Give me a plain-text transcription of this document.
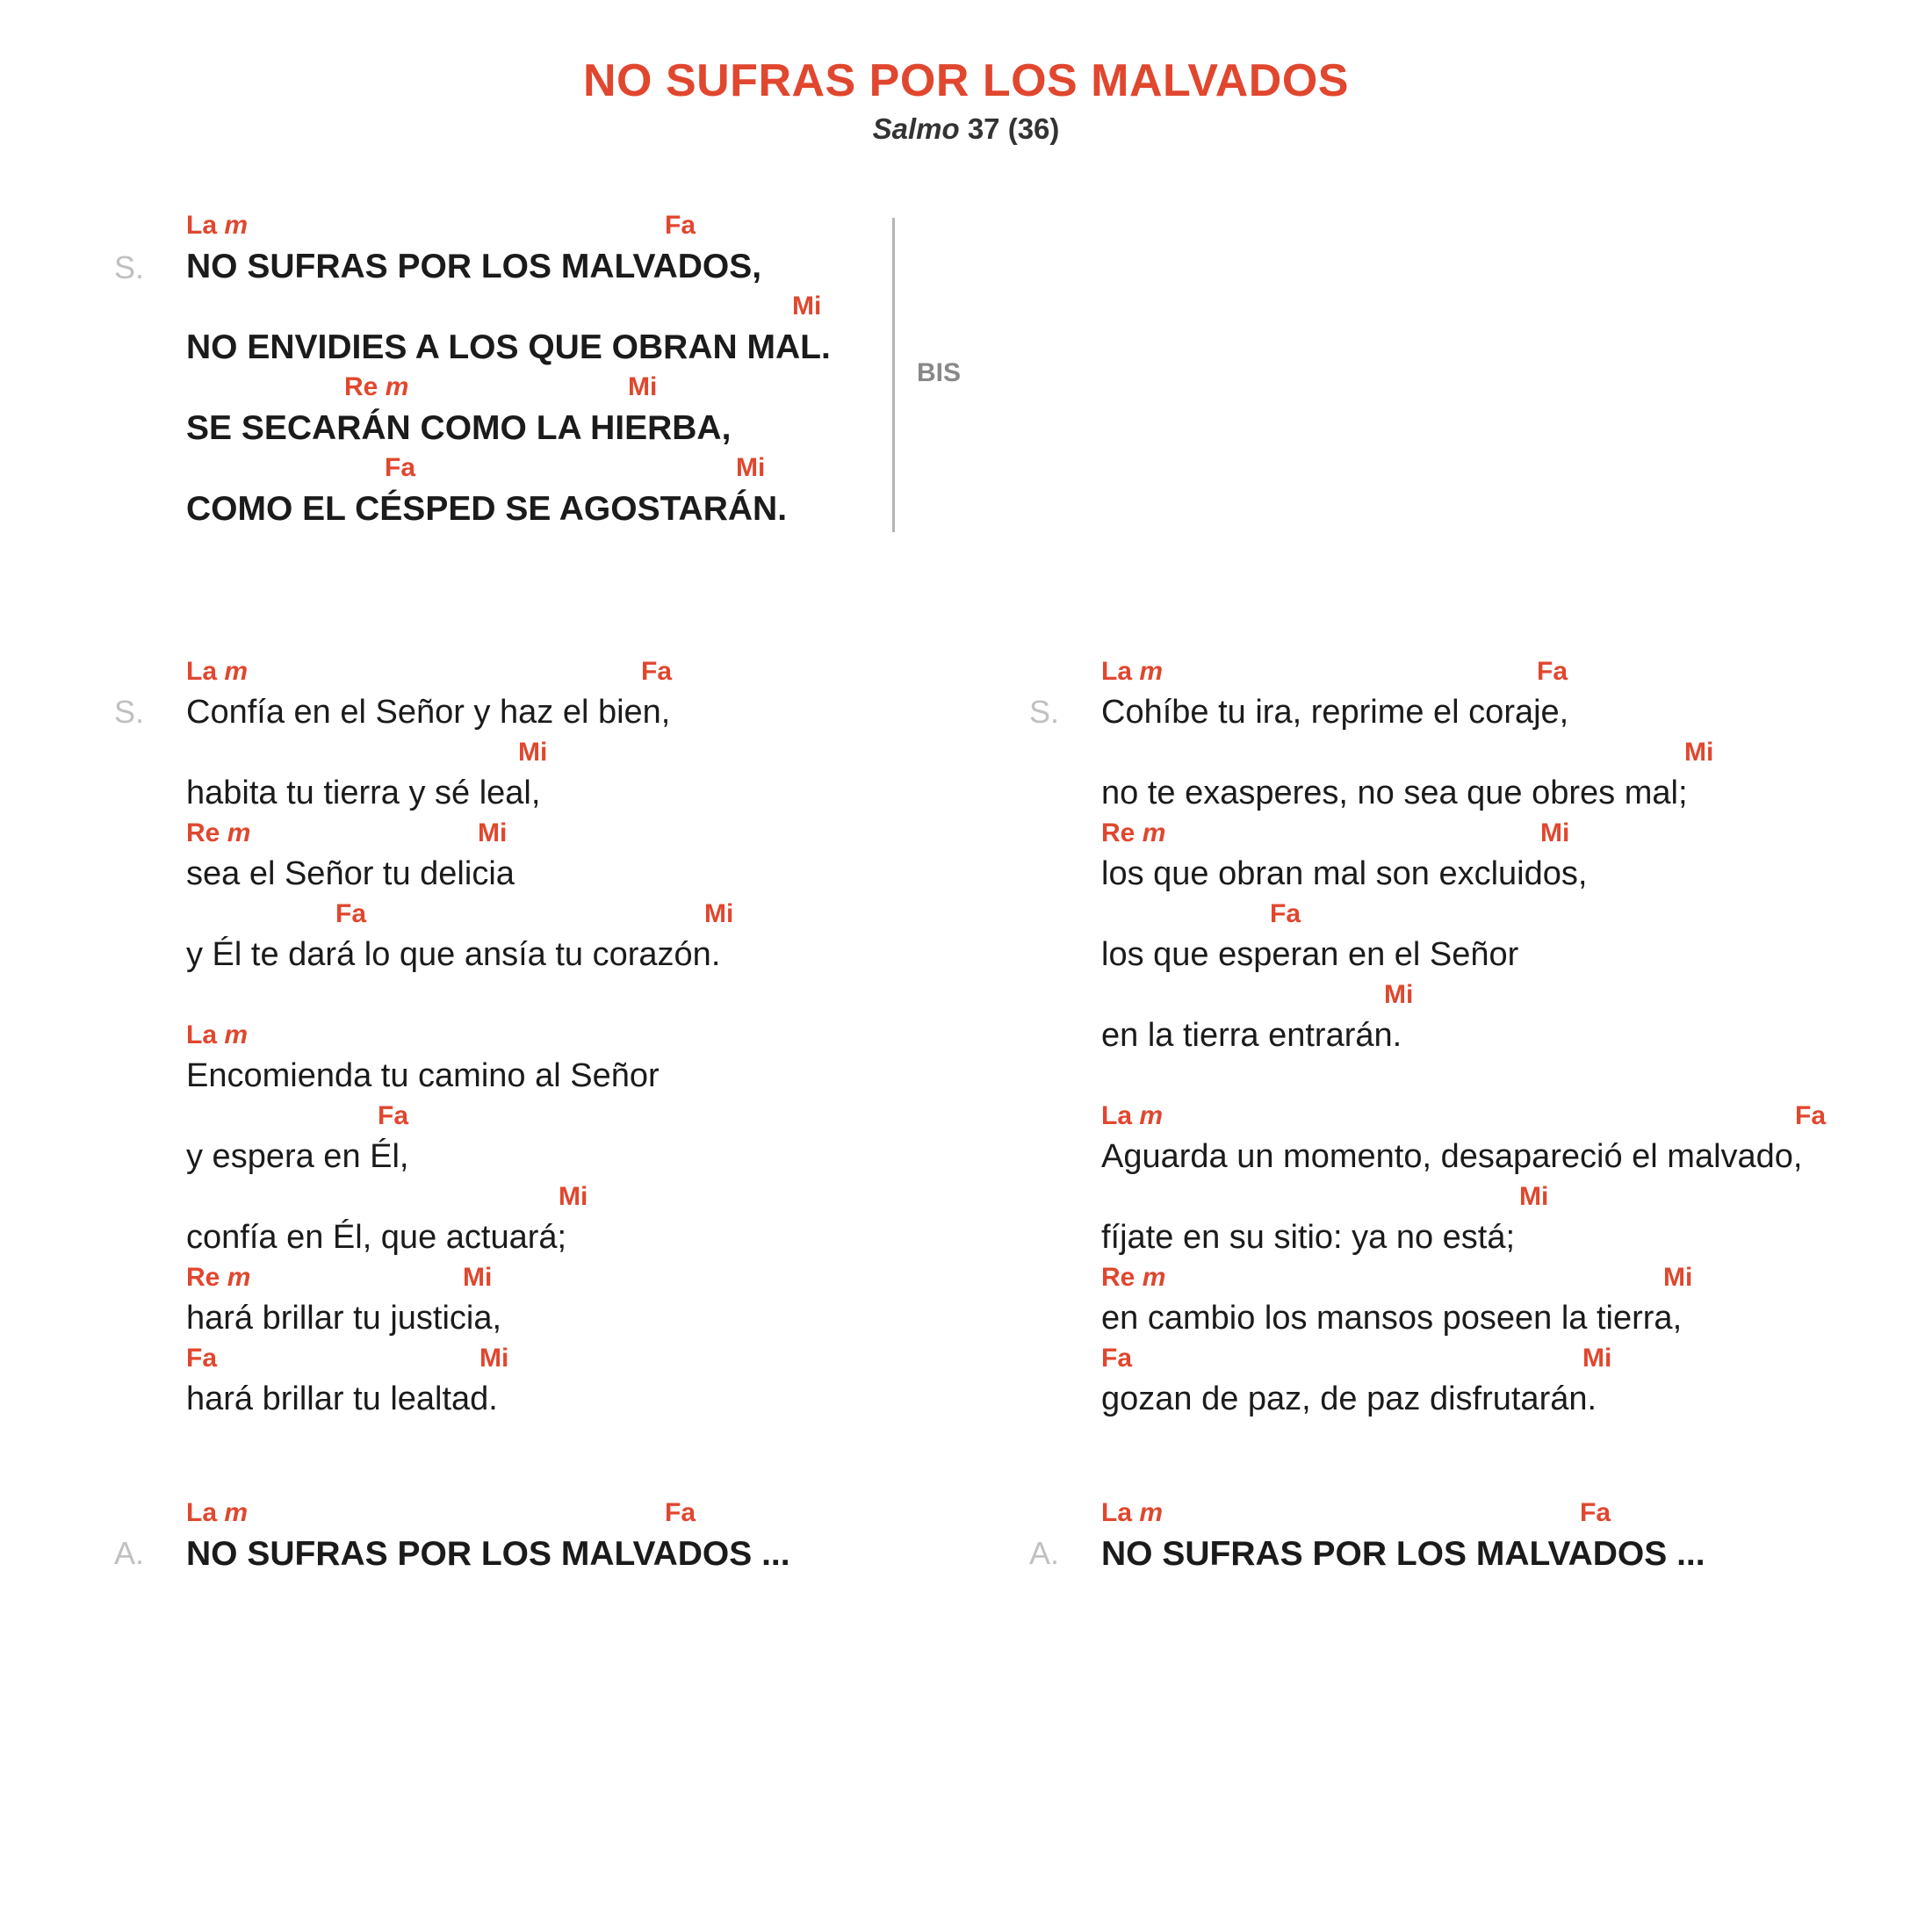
NO SUFRAS POR LOS MALVADOS
Salmo 37 (36)
S.
La m	Fa
NO SUFRAS POR LOS MALVADOS,
Mi
NO ENVIDIES A LOS QUE OBRAN MAL.
Re m	Mi
SE SECARÁN COMO LA HIERBA,
Fa	Mi
COMO EL CÉSPED SE AGOSTARÁN.
BIS
S.
La m	Fa
Confía en el Señor y haz el bien,
Mi
habita tu tierra y sé leal,
Re m	Mi
sea el Señor tu delicia
Fa	Mi
y Él te dará lo que ansía tu corazón.
La m
Encomienda tu camino al Señor
Fa
y espera en Él,
Mi
confía en Él, que actuará;
Re m	Mi
hará brillar tu justicia,
Fa	Mi
hará brillar tu lealtad.
S.
La m	Fa
Cohíbe tu ira, reprime el coraje,
Mi
no te exasperes, no sea que obres mal;
Re m	Mi
los que obran mal son excluidos,
Fa
los que esperan en el Señor
Mi
en la tierra entrarán.
La m	Fa
Aguarda un momento, desapareció el malvado,
Mi
fíjate en su sitio: ya no está;
Re m	Mi
en cambio los mansos poseen la tierra,
Fa	Mi
gozan de paz, de paz disfrutarán.
A.
La m	Fa
NO SUFRAS POR LOS MALVADOS ...	A.
La m	Fa
NO SUFRAS POR LOS MALVADOS ...
